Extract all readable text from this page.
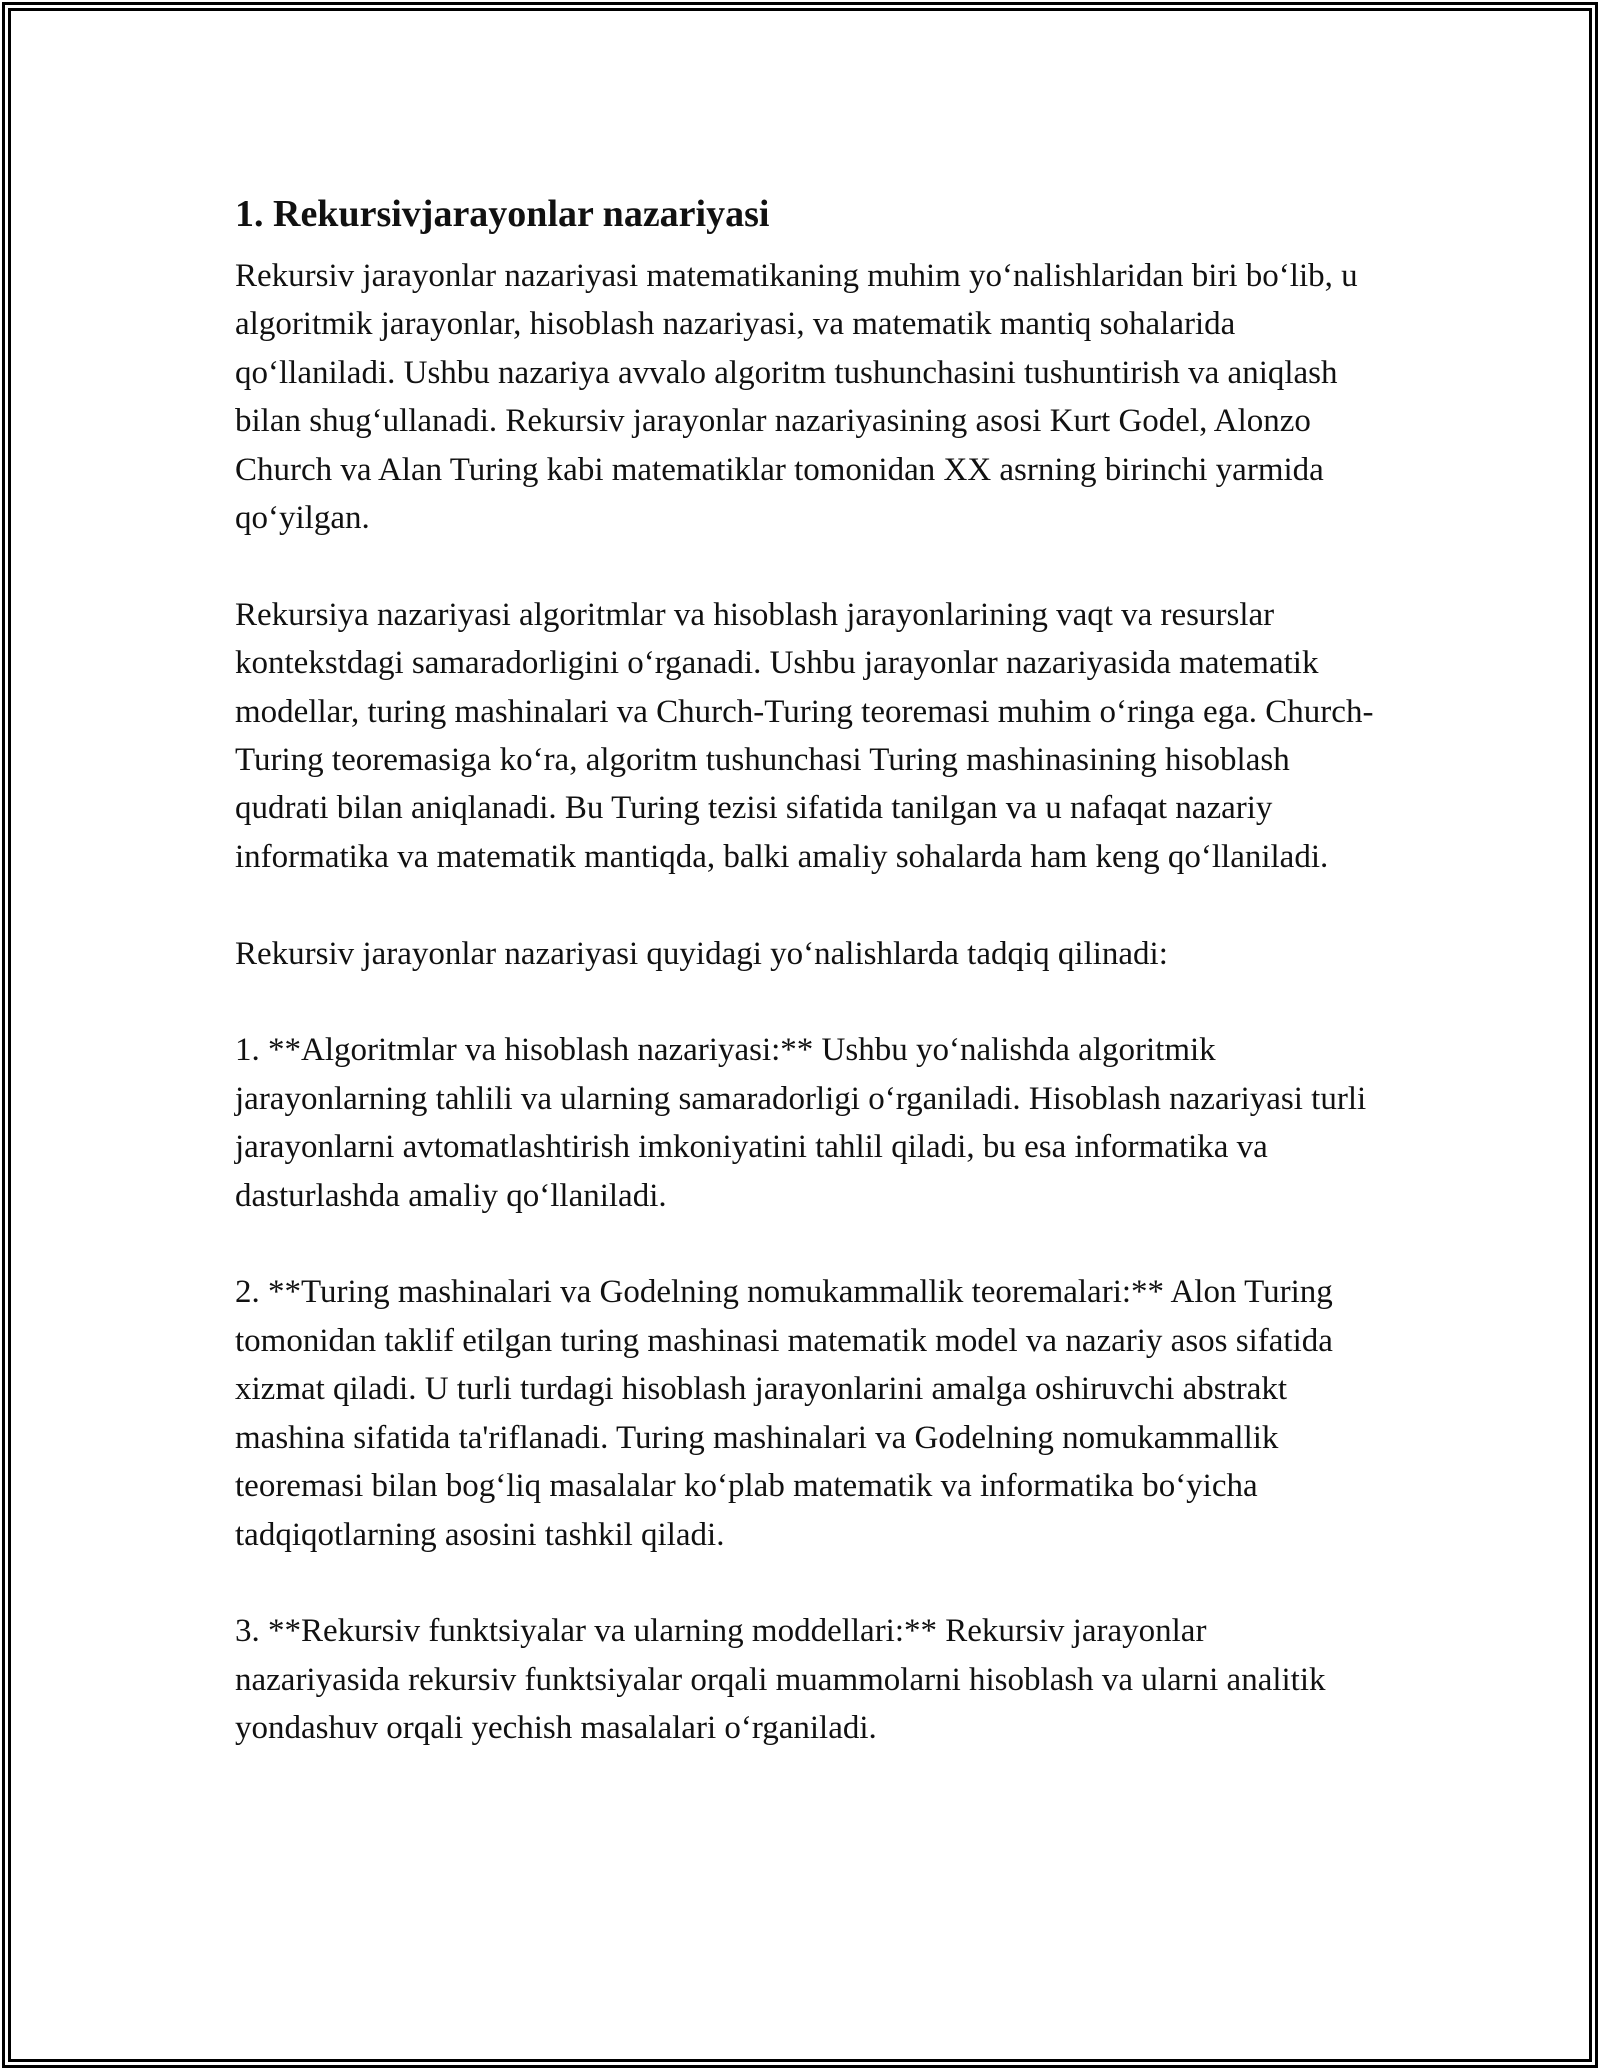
1. Rekursivjarayonlar nazariyasi

Rekursiv jarayonlar nazariyasi matematikaning muhim yo‘nalishlaridan biri bo‘lib, u algoritmik jarayonlar, hisoblash nazariyasi, va matematik mantiq sohalarida qo‘llaniladi. Ushbu nazariya avvalo algoritm tushunchasini tushuntirish va aniqlash bilan shug‘ullanadi. Rekursiv jarayonlar nazariyasining asosi Kurt Godel, Alonzo Church va Alan Turing kabi matematiklar tomonidan XX asrning birinchi yarmida qo‘yilgan.

Rekursiya nazariyasi algoritmlar va hisoblash jarayonlarining vaqt va resurslar kontekstdagi samaradorligini o‘rganadi. Ushbu jarayonlar nazariyasida matematik modellar, turing mashinalari va Church-Turing teoremasi muhim o‘ringa ega. Church-Turing teoremasiga ko‘ra, algoritm tushunchasi Turing mashinasining hisoblash qudrati bilan aniqlanadi. Bu Turing tezisi sifatida tanilgan va u nafaqat nazariy informatika va matematik mantiqda, balki amaliy sohalarda ham keng qo‘llaniladi.

Rekursiv jarayonlar nazariyasi quyidagi yo‘nalishlarda tadqiq qilinadi:

1. **Algoritmlar va hisoblash nazariyasi:** Ushbu yo‘nalishda algoritmik jarayonlarning tahlili va ularning samaradorligi o‘rganiladi. Hisoblash nazariyasi turli jarayonlarni avtomatlashtirish imkoniyatini tahlil qiladi, bu esa informatika va dasturlashda amaliy qo‘llaniladi.

2. **Turing mashinalari va Godelning nomukammallik teoremalari:** Alon Turing tomonidan taklif etilgan turing mashinasi matematik model va nazariy asos sifatida xizmat qiladi. U turli turdagi hisoblash jarayonlarini amalga oshiruvchi abstrakt mashina sifatida ta'riflanadi. Turing mashinalari va Godelning nomukammallik teoremasi bilan bog‘liq masalalar ko‘plab matematik va informatika bo‘yicha tadqiqotlarning asosini tashkil qiladi.

3. **Rekursiv funktsiyalar va ularning moddellari:** Rekursiv jarayonlar nazariyasida rekursiv funktsiyalar orqali muammolarni hisoblash va ularni analitik yondashuv orqali yechish masalalari o‘rganiladi.
